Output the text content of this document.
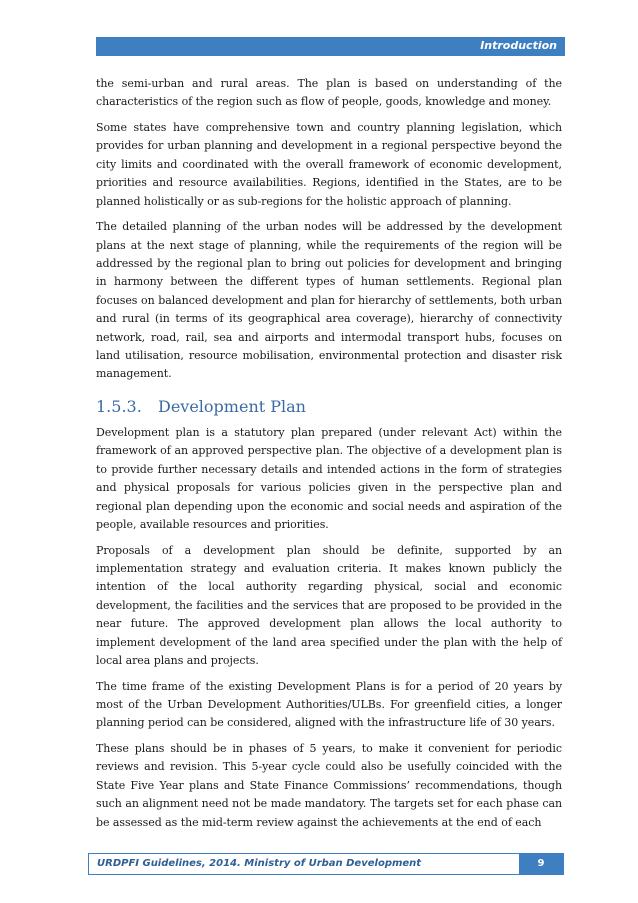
Introduction

the semi-urban and rural areas. The plan is based on understanding of the characteristics of the region such as flow of people, goods, knowledge and money.

Some states have comprehensive town and country planning legislation, which provides for urban planning and development in a regional perspective beyond the city limits and coordinated with the overall framework of economic development, priorities and resource availabilities. Regions, identified in the States, are to be planned holistically or as sub-regions for the holistic approach of planning.

The detailed planning of the urban nodes will be addressed by the development plans at the next stage of planning, while the requirements of the region will be addressed by the regional plan to bring out policies for development and bringing in harmony between the different types of human settlements. Regional plan focuses on balanced development and plan for hierarchy of settlements, both urban and rural (in terms of its geographical area coverage), hierarchy of connectivity network, road, rail, sea and airports and intermodal transport hubs, focuses on land utilisation, resource mobilisation, environmental protection and disaster risk management.

1.5.3. Development Plan

Development plan is a statutory plan prepared (under relevant Act) within the framework of an approved perspective plan. The objective of a development plan is to provide further necessary details and intended actions in the form of strategies and physical proposals for various policies given in the perspective plan and regional plan depending upon the economic and social needs and aspiration of the people, available resources and priorities.

Proposals of a development plan should be definite, supported by an implementation strategy and evaluation criteria. It makes known publicly the intention of the local authority regarding physical, social and economic development, the facilities and the services that are proposed to be provided in the near future. The approved development plan allows the local authority to implement development of the land area specified under the plan with the help of local area plans and projects.

The time frame of the existing Development Plans is for a period of 20 years by most of the Urban Development Authorities/ULBs. For greenfield cities, a longer planning period can be considered, aligned with the infrastructure life of 30 years.

These plans should be in phases of 5 years, to make it convenient for periodic reviews and revision. This 5-year cycle could also be usefully coincided with the State Five Year plans and State Finance Commissions’ recommendations, though such an alignment need not be made mandatory. The targets set for each phase can be assessed as the mid-term review against the achievements at the end of each

URDPFI Guidelines, 2014. Ministry of Urban Development	9
